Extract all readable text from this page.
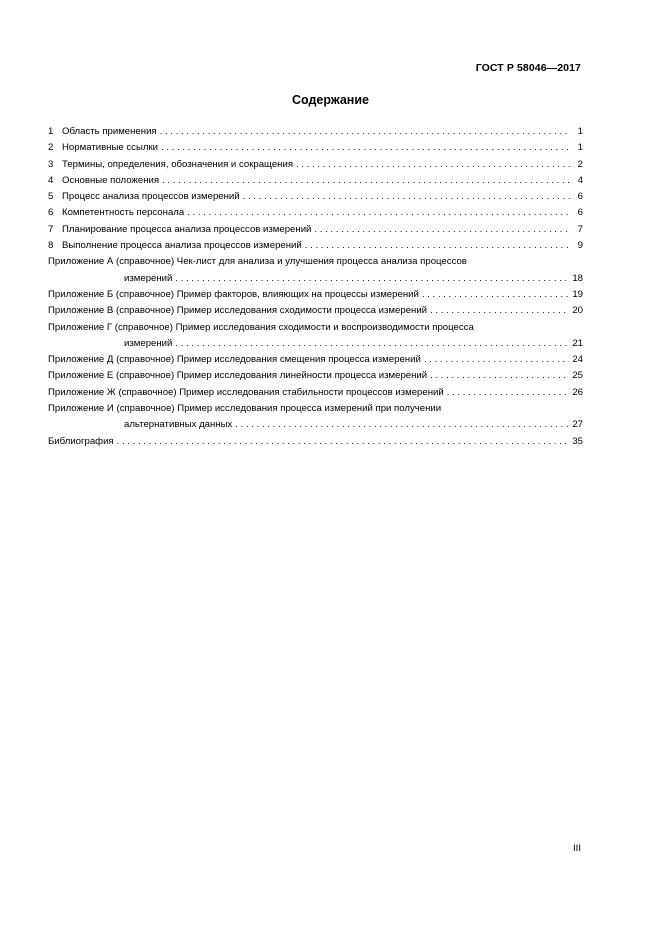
ГОСТ Р 58046—2017
Содержание
1 Область применения . . .	1
2 Нормативные ссылки . . .	1
3 Термины, определения, обозначения и сокращения . . .	2
4 Основные положения . . .	4
5 Процесс анализа процессов измерений . . .	6
6 Компетентность персонала . . .	6
7 Планирование процесса анализа процессов измерений . . .	7
8 Выполнение процесса анализа процессов измерений . . .	9
Приложение А (справочное) Чек-лист для анализа и улучшения процесса анализа процессов
измерений . . .	18
Приложение Б (справочное) Пример факторов, влияющих на процессы измерений . . .	19
Приложение В (справочное) Пример исследования сходимости процесса измерений . . .	20
Приложение Г (справочное) Пример исследования сходимости и воспроизводимости процесса
измерений . . .	21
Приложение Д (справочное) Пример исследования смещения процесса измерений . . .	24
Приложение Е (справочное) Пример исследования линейности процесса измерений . . .	25
Приложение Ж (справочное) Пример исследования стабильности процессов измерений . . .	26
Приложение И (справочное) Пример исследования процесса измерений при получении
альтернативных данных . . .	27
Библиография . . .	35
III
